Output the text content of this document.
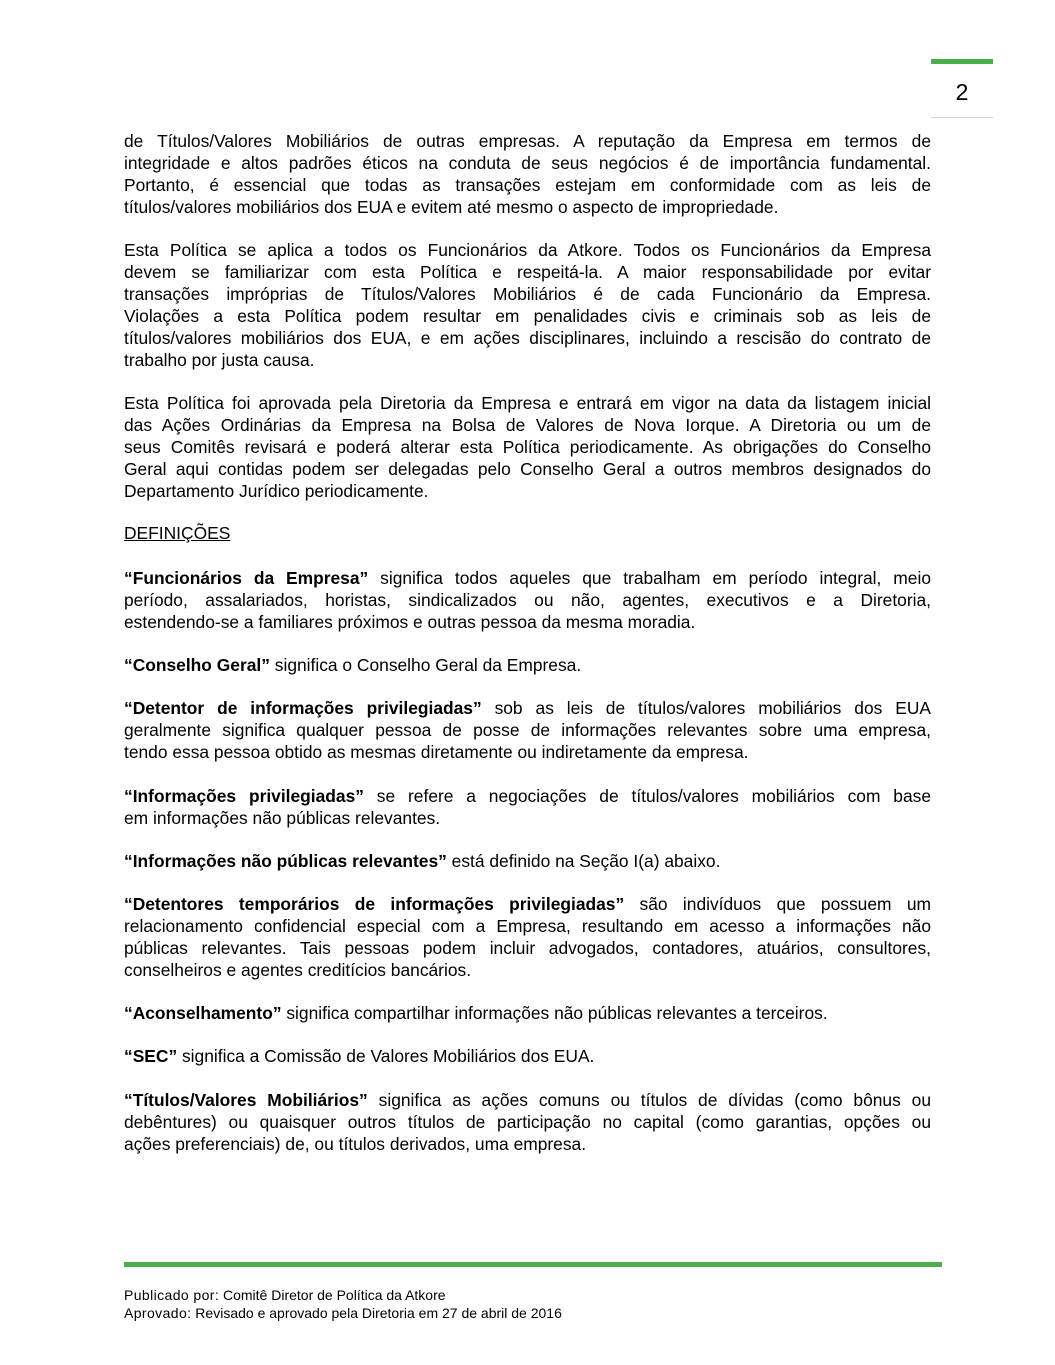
2
de Títulos/Valores Mobiliários de outras empresas. A reputação da Empresa em termos de
integridade e altos padrões éticos na conduta de seus negócios é de importância fundamental.
Portanto, é essencial que todas as transações estejam em conformidade com as leis de
títulos/valores mobiliários dos EUA e evitem até mesmo o aspecto de impropriedade.
Esta Política se aplica a todos os Funcionários da Atkore. Todos os Funcionários da Empresa
devem se familiarizar com esta Política e respeitá-la. A maior responsabilidade por evitar
transações impróprias de Títulos/Valores Mobiliários é de cada Funcionário da Empresa.
Violações a esta Política podem resultar em penalidades civis e criminais sob as leis de
títulos/valores mobiliários dos EUA, e em ações disciplinares, incluindo a rescisão do contrato de
trabalho por justa causa.
Esta Política foi aprovada pela Diretoria da Empresa e entrará em vigor na data da listagem inicial
das Ações Ordinárias da Empresa na Bolsa de Valores de Nova Iorque. A Diretoria ou um de
seus Comitês revisará e poderá alterar esta Política periodicamente. As obrigações do Conselho
Geral aqui contidas podem ser delegadas pelo Conselho Geral a outros membros designados do
Departamento Jurídico periodicamente.
DEFINIÇÕES
“Funcionários da Empresa” significa todos aqueles que trabalham em período integral, meio
período, assalariados, horistas, sindicalizados ou não, agentes, executivos e a Diretoria,
estendendo-se a familiares próximos e outras pessoa da mesma moradia.
“Conselho Geral” significa o Conselho Geral da Empresa.
“Detentor de informações privilegiadas” sob as leis de títulos/valores mobiliários dos EUA
geralmente significa qualquer pessoa de posse de informações relevantes sobre uma empresa,
tendo essa pessoa obtido as mesmas diretamente ou indiretamente da empresa.
“Informações privilegiadas” se refere a negociações de títulos/valores mobiliários com base
em informações não públicas relevantes.
“Informações não públicas relevantes” está definido na Seção I(a) abaixo.
“Detentores temporários de informações privilegiadas” são indivíduos que possuem um
relacionamento confidencial especial com a Empresa, resultando em acesso a informações não
públicas relevantes. Tais pessoas podem incluir advogados, contadores, atuários, consultores,
conselheiros e agentes creditícios bancários.
“Aconselhamento” significa compartilhar informações não públicas relevantes a terceiros.
“SEC” significa a Comissão de Valores Mobiliários dos EUA.
“Títulos/Valores Mobiliários” significa as ações comuns ou títulos de dívidas (como bônus ou
debêntures) ou quaisquer outros títulos de participação no capital (como garantias, opções ou
ações preferenciais) de, ou títulos derivados, uma empresa.
Publicado por: Comitê Diretor de Política da Atkore
Aprovado: Revisado e aprovado pela Diretoria em 27 de abril de 2016
